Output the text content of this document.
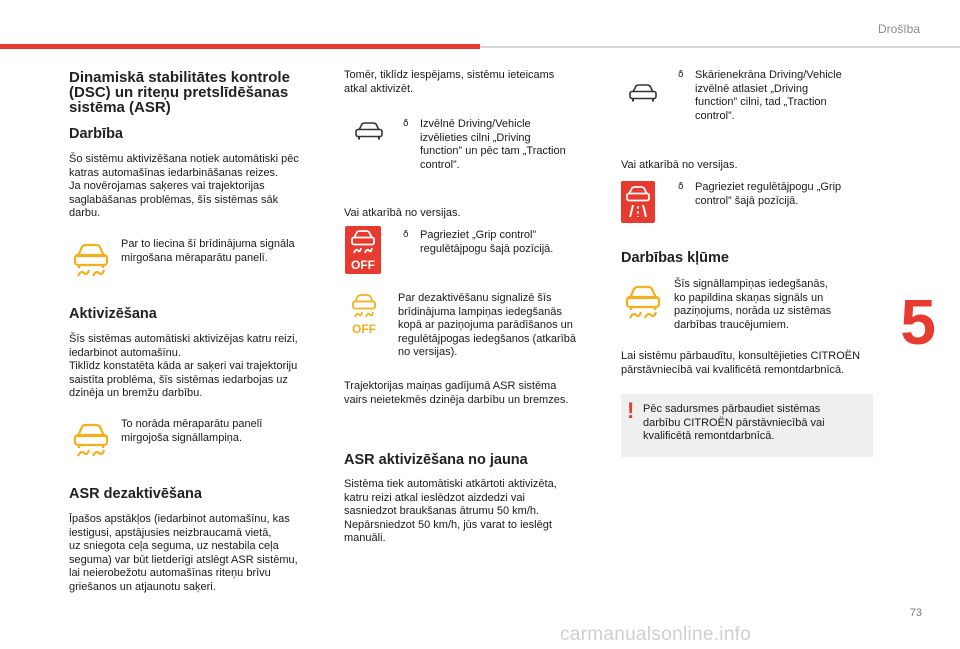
Drošība
5
73
Dinamiskā stabilitātes kontrole
(DSC) un riteņu pretslīdēšanas
sistēma (ASR)
Darbība

Šo sistēmu aktivizēšana notiek automātiski pēc
katras automašīnas iedarbināšanas reizes.
Ja novērojamas saķeres vai trajektorijas
saglabāšanas problēmas, šīs sistēmas sāk
darbu.

Par to liecina šī brīdinājuma signāla
mirgošana mēraparātu panelī.

Aktivizēšana

Šīs sistēmas automātiski aktivizējas katru reizi,
iedarbinot automašīnu.
Tiklīdz konstatēta kāda ar saķeri vai trajektoriju
saistīta problēma, šīs sistēmas iedarbojas uz
dzinēja un bremžu darbību.

To norāda mēraparātu panelī
mirgojoša signāllampiņa.

ASR dezaktivēšana

Īpašos apstākļos (iedarbinot automašīnu, kas
iestigusi, apstājusies neizbraucamā vietā,
uz sniegota ceļa seguma, uz nestabila ceļa
seguma) var būt lietderīgi atslēgt ASR sistēmu,
lai neierobežotu automašīnas riteņu brīvu
griešanos un atjaunotu saķeri.

Tomēr, tiklīdz iespējams, sistēmu ieteicams
atkal aktivizēt.

ð Izvēlnē Driving/Vehicle
izvēlieties cilni „Driving
function” un pēc tam „Traction
control”.

Vai atkarībā no versijas.

OFF

ð Pagrieziet „Grip control”
regulētājpogu šajā pozīcijā.

OFF

Par dezaktivēšanu signalizē šīs
brīdinājuma lampiņas iedegšanās
kopā ar paziņojuma parādīšanos un
regulētājpogas iedegšanos (atkarībā
no versijas).

Trajektorijas maiņas gadījumā ASR sistēma
vairs neietekmēs dzinēja darbību un bremzes.

ASR aktivizēšana no jauna

Sistēma tiek automātiski atkārtoti aktivizēta,
katru reizi atkal ieslēdzot aizdedzi vai
sasniedzot braukšanas ātrumu 50 km/h.
Nepārsniedzot 50 km/h, jūs varat to ieslēgt
manuāli.

ð Skārienekrāna Driving/Vehicle
izvēlnē atlasiet „Driving
function” cilni, tad „Traction
control”.

Vai atkarībā no versijas.

ð Pagrieziet regulētājpogu „Grip
control” šajā pozīcijā.

Darbības kļūme

Šīs signāllampiņas iedegšanās,
ko papildina skaņas signāls un
paziņojums, norāda uz sistēmas
darbības traucējumiem.

Lai sistēmu pārbaudītu, konsultējieties CITROËN
pārstāvniecībā vai kvalificētā remontdarbnīcā.

! Pēc sadursmes pārbaudiet sistēmas
darbību CITROËN pārstāvniecībā vai
kvalificētā remontdarbnīcā.

carmanualsonline.info
